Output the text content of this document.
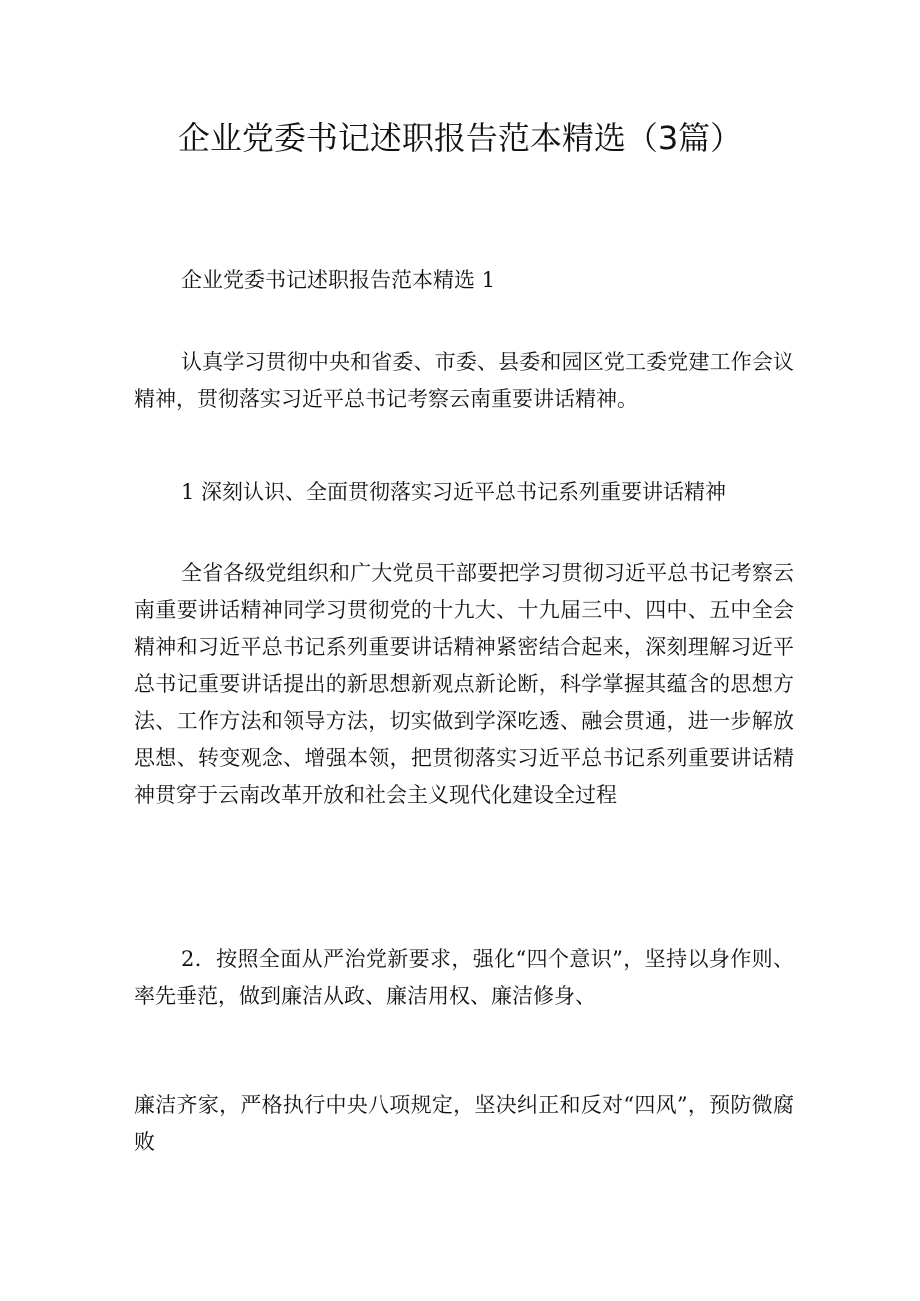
企业党委书记述职报告范本精选（3篇）

企业党委书记述职报告范本精选 1

认真学习贯彻中央和省委、市委、县委和园区党工委党建工作会议精神，贯彻落实习近平总书记考察云南重要讲话精神。

1 深刻认识、全面贯彻落实习近平总书记系列重要讲话精神

全省各级党组织和广大党员干部要把学习贯彻习近平总书记考察云南重要讲话精神同学习贯彻党的十九大、十九届三中、四中、五中全会精神和习近平总书记系列重要讲话精神紧密结合起来，深刻理解习近平总书记重要讲话提出的新思想新观点新论断，科学掌握其蕴含的思想方法、工作方法和领导方法，切实做到学深吃透、融会贯通，进一步解放思想、转变观念、增强本领，把贯彻落实习近平总书记系列重要讲话精神贯穿于云南改革开放和社会主义现代化建设全过程

2．按照全面从严治党新要求，强化“四个意识”，坚持以身作则、率先垂范，做到廉洁从政、廉洁用权、廉洁修身、

廉洁齐家，严格执行中央八项规定，坚决纠正和反对“四风”，预防微腐败
